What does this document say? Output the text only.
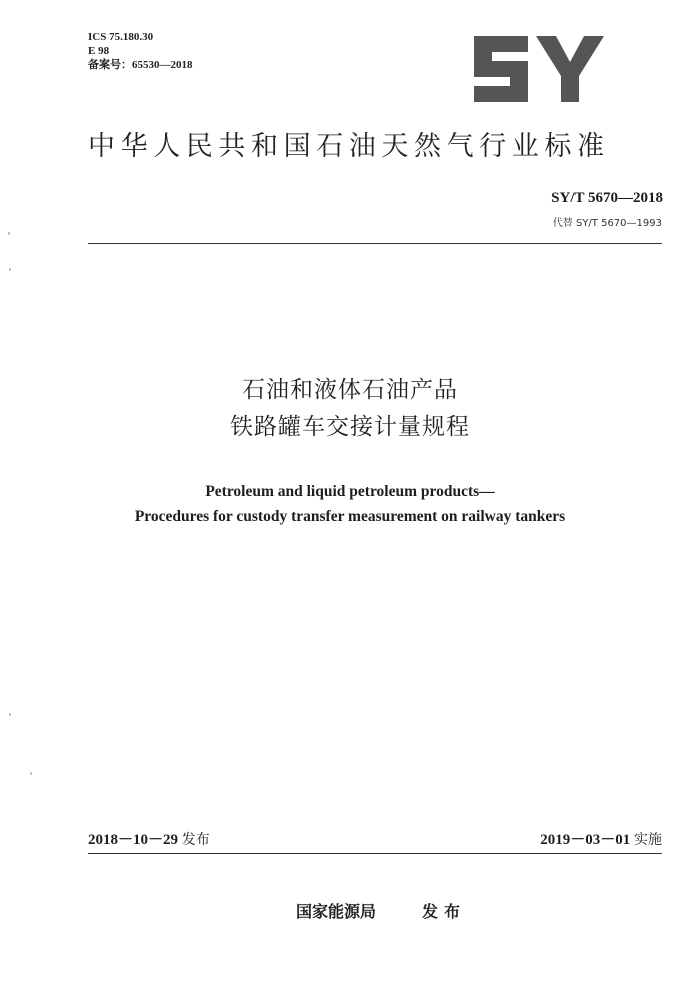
ICS 75.180.30
E 98
备案号：65530—2018
中华人民共和国石油天然气行业标准
SY/T 5670—2018
代替 SY/T 5670—1993
石油和液体石油产品
铁路罐车交接计量规程
Petroleum and liquid petroleum products—
Procedures for custody transfer measurement on railway tankers
2018－10－29 发布	2019－03－01 实施
国家能源局	发布
